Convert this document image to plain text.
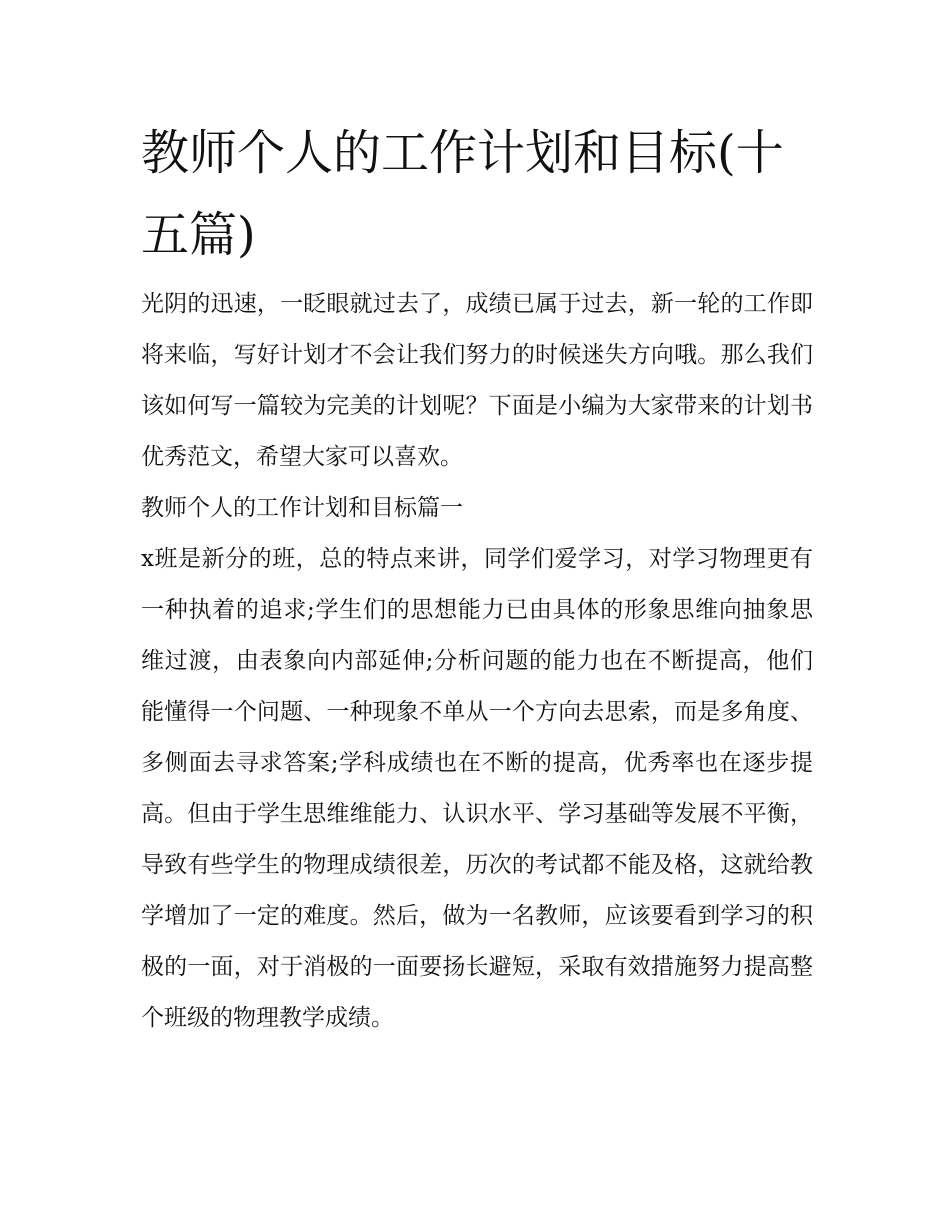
教师个人的工作计划和目标(十五篇)

光阴的迅速，一眨眼就过去了，成绩已属于过去，新一轮的工作即将来临，写好计划才不会让我们努力的时候迷失方向哦。那么我们该如何写一篇较为完美的计划呢？下面是小编为大家带来的计划书优秀范文，希望大家可以喜欢。

教师个人的工作计划和目标篇一

x班是新分的班，总的特点来讲，同学们爱学习，对学习物理更有一种执着的追求;学生们的思想能力已由具体的形象思维向抽象思维过渡，由表象向内部延伸;分析问题的能力也在不断提高，他们能懂得一个问题、一种现象不单从一个方向去思索，而是多角度、多侧面去寻求答案;学科成绩也在不断的提高，优秀率也在逐步提高。但由于学生思维维能力、认识水平、学习基础等发展不平衡，导致有些学生的物理成绩很差，历次的考试都不能及格，这就给教学增加了一定的难度。然后，做为一名教师，应该要看到学习的积极的一面，对于消极的一面要扬长避短，采取有效措施努力提高整个班级的物理教学成绩。
